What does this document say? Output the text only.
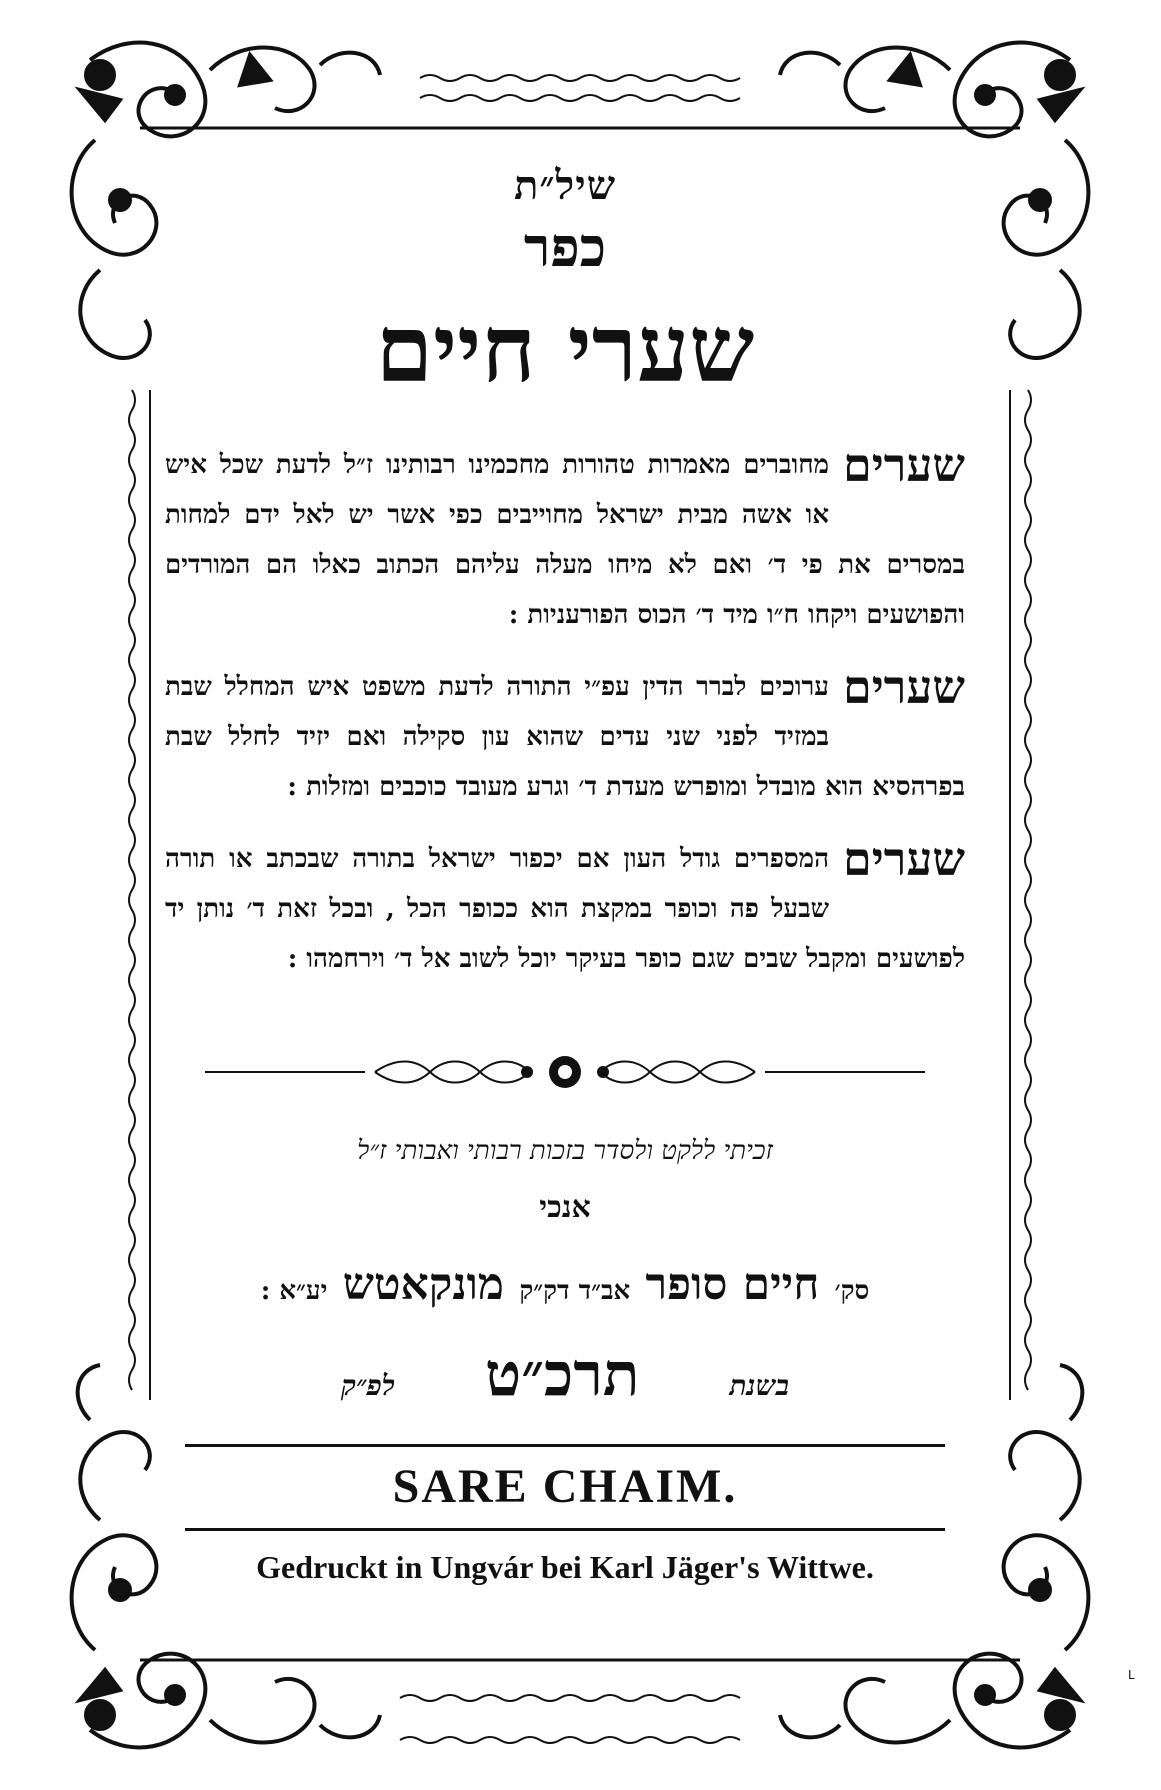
שיל״ת
כפר
שערי חיים
שערים
מחוברים מאמרות טהורות מחכמינו רבותינו ז״ל לדעת שכל איש או אשה מבית ישראל מחוייבים כפי אשר יש לאל ידם למחות במסרים את פי ד׳ ואם לא מיחו מעלה עליהם הכתוב כאלו הם המורדים והפושעים ויקחו ח״ו מיד ד׳ הכוס הפורעניות :
שערים
ערוכים לברר הדין עפ״י התורה לדעת משפט איש המחלל שבת במזיד לפני שני עדים שהוא עון סקילה ואם יזיד לחלל שבת בפרהסיא הוא מובדל ומופרש מעדת ד׳ וגרע מעובד כוכבים ומזלות :
שערים
המספרים גודל העון אם יכפור ישראל בתורה שבכתב או תורה שבעל פה וכופר במקצת הוא ככופר הכל , ובכל זאת ד׳ נותן יד לפושעים ומקבל שבים שגם כופר בעיקר יוכל לשוב אל ד׳ וירחמהו :
זכיתי ללקט ולסדר בזכות רבותי ואבותי ז״ל
אנכי
סק׳ חיים סופר אב״ד דק״ק מונקאטש יע״א :
בשנת
תרכ״ט
לפ״ק
SARE CHAIM.
Gedruckt in Ungvár bei Karl Jäger's Wittwe.
L
